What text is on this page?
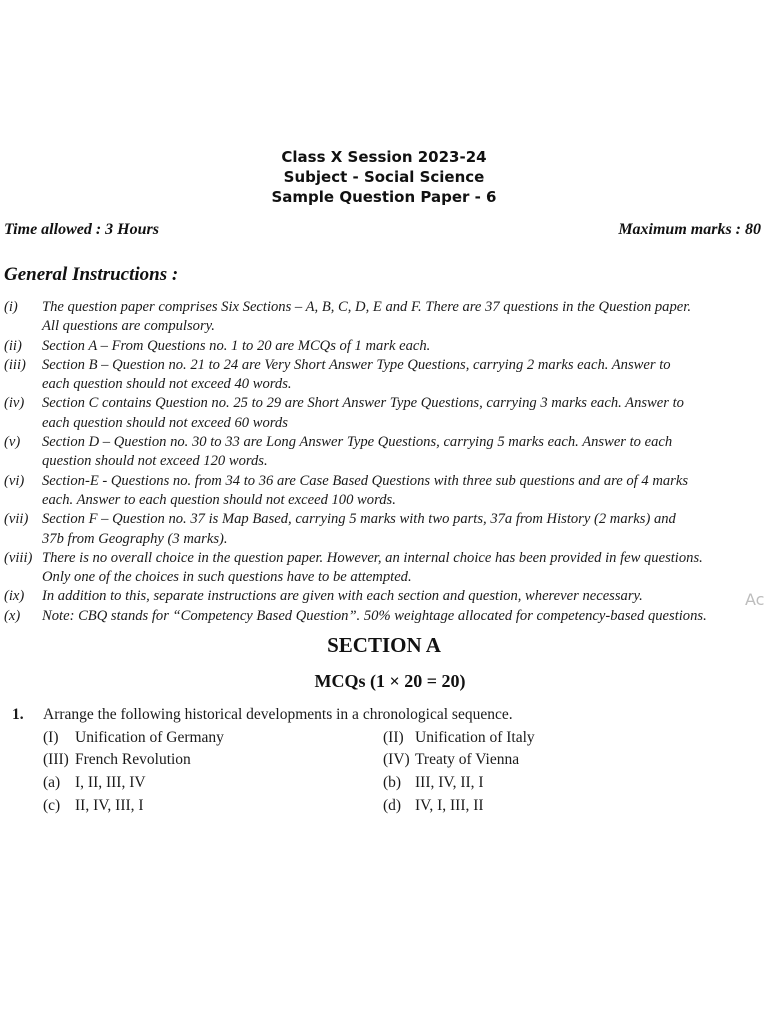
Class X Session 2023-24
Subject - Social Science
Sample Question Paper - 6
Time allowed : 3 Hours	Maximum marks : 80
General Instructions :
(i) The question paper comprises Six Sections – A, B, C, D, E and F. There are 37 questions in the Question paper.
All questions are compulsory.
(ii) Section A – From Questions no. 1 to 20 are MCQs of 1 mark each.
(iii) Section B – Question no. 21 to 24 are Very Short Answer Type Questions, carrying 2 marks each. Answer to
each question should not exceed 40 words.
(iv) Section C contains Question no. 25 to 29 are Short Answer Type Questions, carrying 3 marks each. Answer to
each question should not exceed 60 words
(v) Section D – Question no. 30 to 33 are Long Answer Type Questions, carrying 5 marks each. Answer to each
question should not exceed 120 words.
(vi) Section-E - Questions no. from 34 to 36 are Case Based Questions with three sub questions and are of 4 marks
each. Answer to each question should not exceed 100 words.
(vii) Section F – Question no. 37 is Map Based, carrying 5 marks with two parts, 37a from History (2 marks) and
37b from Geography (3 marks).
(viii) There is no overall choice in the question paper. However, an internal choice has been provided in few questions.
Only one of the choices in such questions have to be attempted.
(ix) In addition to this, separate instructions are given with each section and question, wherever necessary.
(x) Note: CBQ stands for “Competency Based Question”. 50% weightage allocated for competency-based questions.
Ac
SECTION A
MCQs (1 × 20 = 20)
1. Arrange the following historical developments in a chronological sequence.
(I) Unification of Germany	(II) Unification of Italy
(III) French Revolution	(IV) Treaty of Vienna
(a) I, II, III, IV	(b) III, IV, II, I
(c) II, IV, III, I	(d) IV, I, III, II
